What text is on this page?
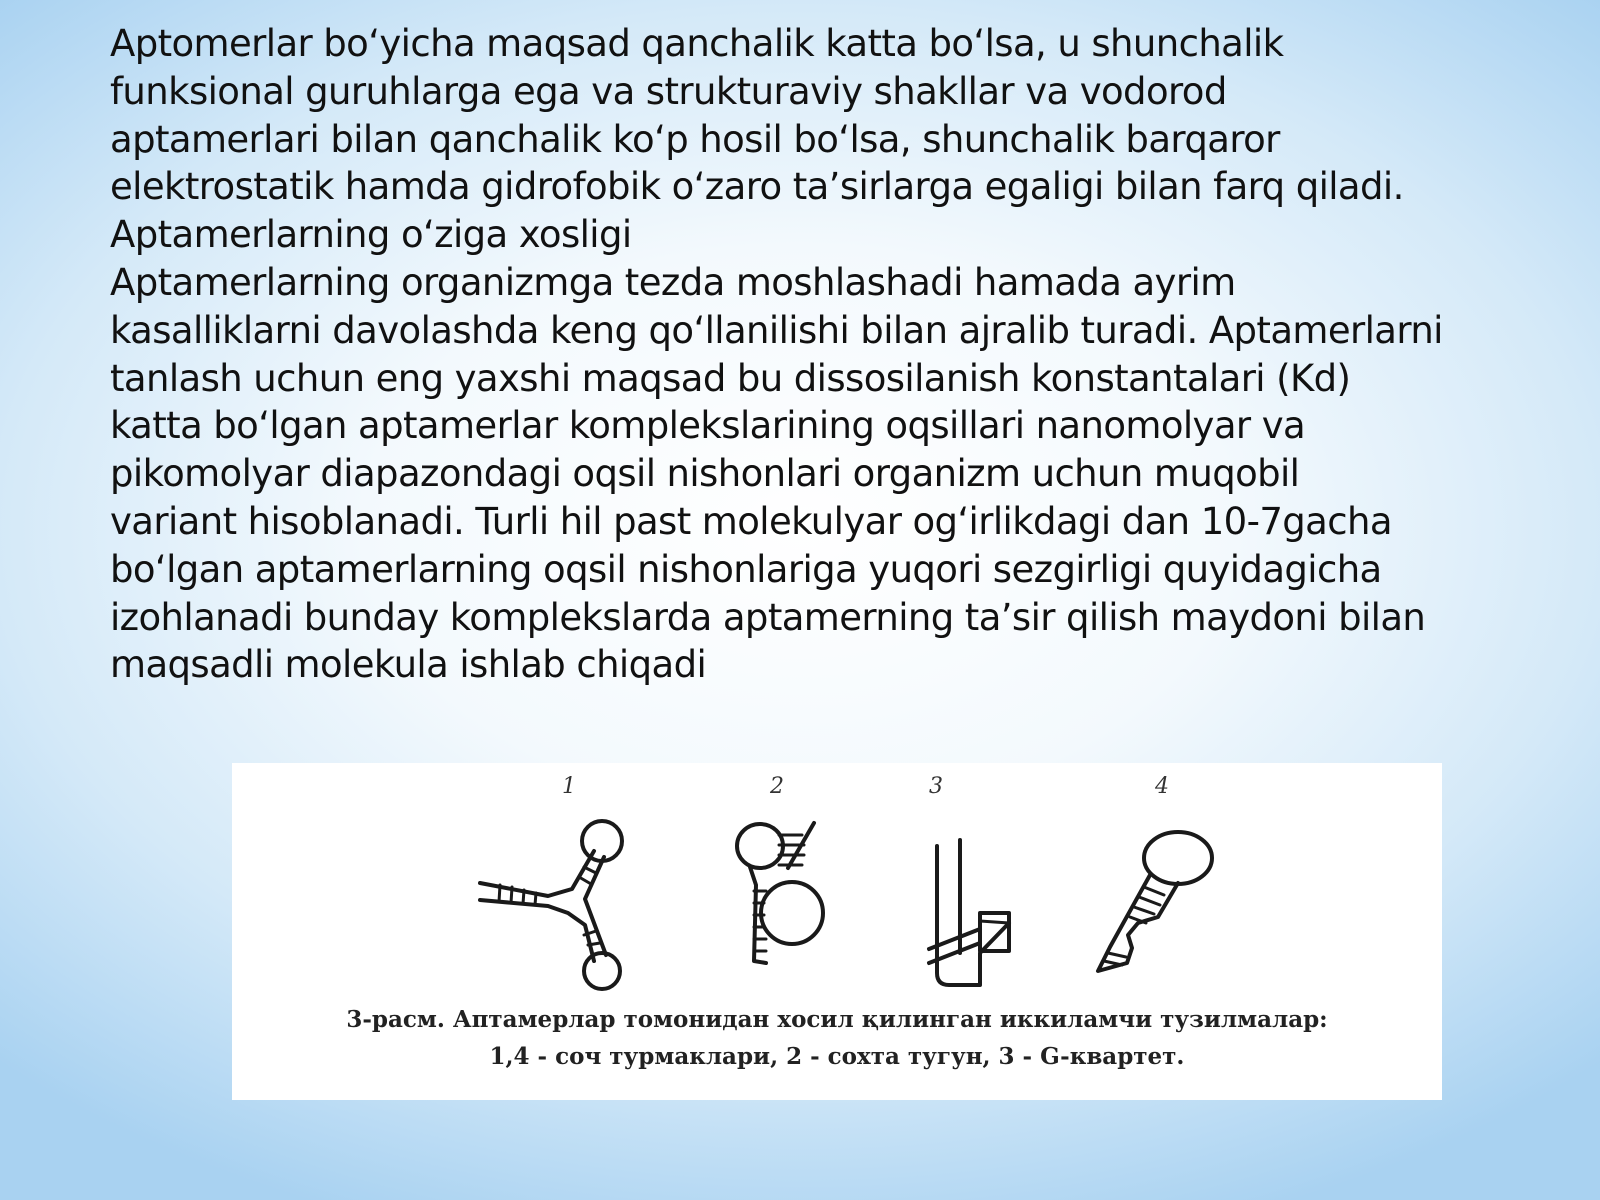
Aptomerlar bo‘yicha maqsad qanchalik katta bo‘lsa, u shunchalik
funksional guruhlarga ega va strukturaviy shakllar va vodorod
aptamerlari bilan qanchalik ko‘p hosil bo‘lsa, shunchalik barqaror
elektrostatik hamda gidrofobik o‘zaro ta’sirlarga egaligi bilan farq qiladi.
Aptamerlarning o‘ziga xosligi
Aptamerlarning organizmga tezda moshlashadi hamada ayrim
kasalliklarni davolashda keng qo‘llanilishi bilan ajralib turadi. Aptamerlarni
tanlash uchun eng yaxshi maqsad bu dissosilanish konstantalari (Kd)
katta bo‘lgan aptamerlar komplekslarining oqsillari nanomolyar va
pikomolyar diapazondagi oqsil nishonlari organizm uchun muqobil
variant hisoblanadi. Turli hil past molekulyar og‘irlikdagi dan 10-7gacha
bo‘lgan aptamerlarning oqsil nishonlariga yuqori sezgirligi quyidagicha
izohlanadi bunday komplekslarda aptamerning ta’sir qilish maydoni bilan
maqsadli molekula ishlab chiqadi
1	2	3	4
3-расм. Аптамерлар томонидан хосил қилинган иккиламчи тузилмалар:
1,4 - соч турмаклари, 2 - сохта тугун, 3 - G-квартет.
